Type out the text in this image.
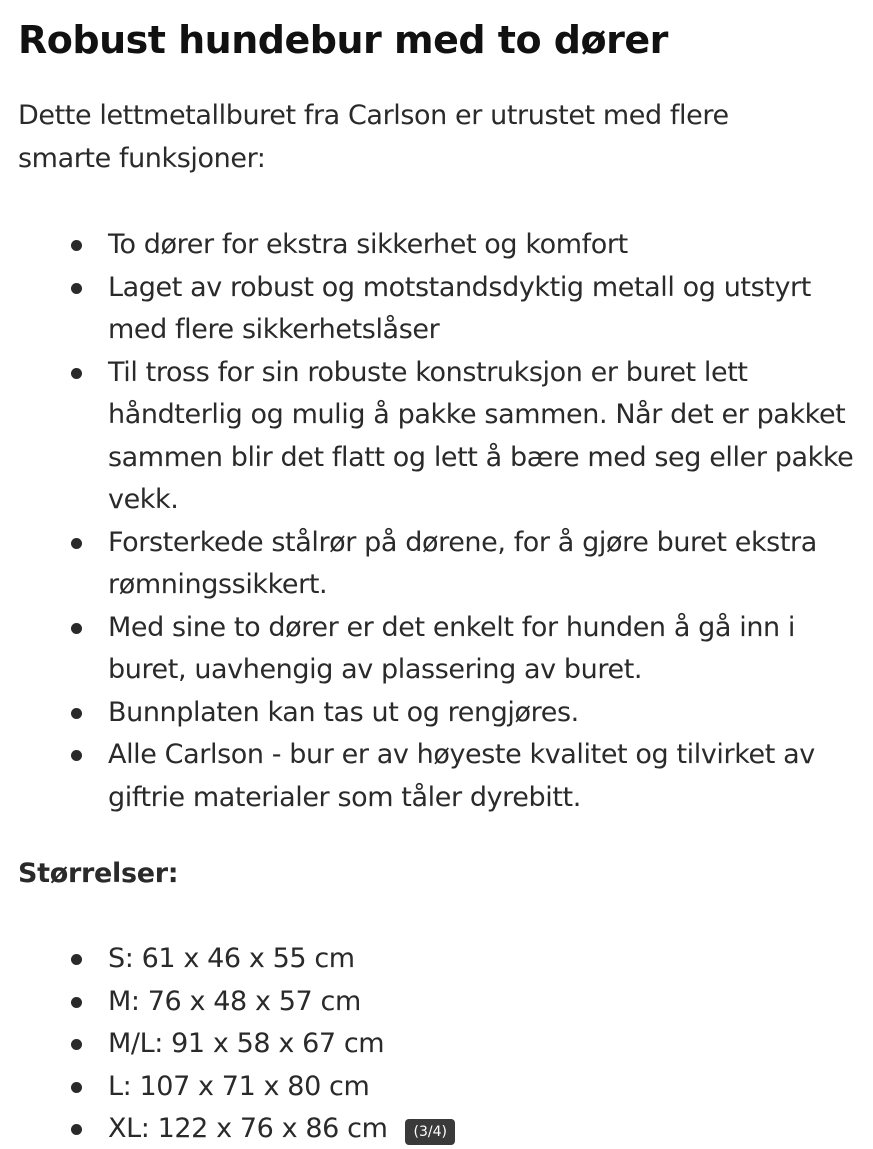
Robust hundebur med to dører

Dette lettmetallburet fra Carlson er utrustet med flere smarte funksjoner:

To dører for ekstra sikkerhet og komfort
Laget av robust og motstandsdyktig metall og utstyrt med flere sikkerhetslåser
Til tross for sin robuste konstruksjon er buret lett håndterlig og mulig å pakke sammen. Når det er pakket sammen blir det flatt og lett å bære med seg eller pakke vekk.
Forsterkede stålrør på dørene, for å gjøre buret ekstra rømningssikkert.
Med sine to dører er det enkelt for hunden å gå inn i buret, uavhengig av plassering av buret.
Bunnplaten kan tas ut og rengjøres.
Alle Carlson - bur er av høyeste kvalitet og tilvirket av giftrie materialer som tåler dyrebitt.
Størrelser:
S: 61 x 46 x 55 cm
M: 76 x 48 x 57 cm
M/L: 91 x 58 x 67 cm
L: 107 x 71 x 80 cm
XL: 122 x 76 x 86 cm (3/4)
